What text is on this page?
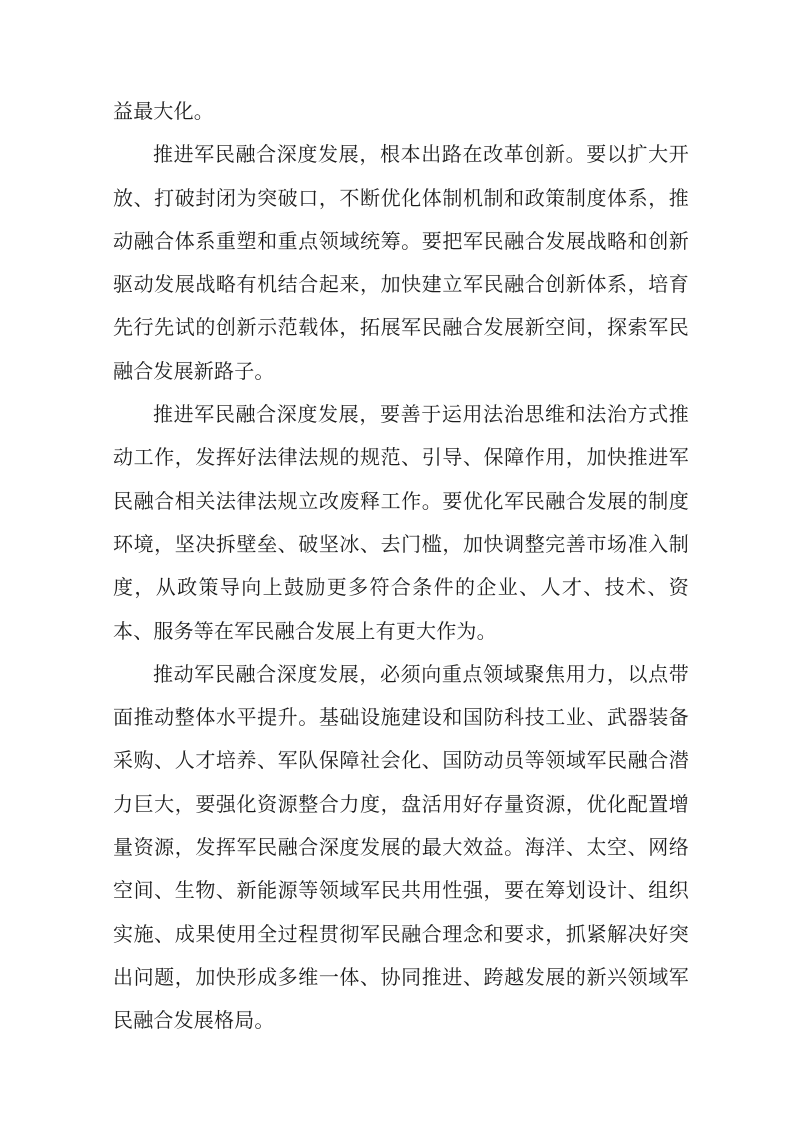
益最大化。

推进军民融合深度发展，根本出路在改革创新。要以扩大开放、打破封闭为突破口，不断优化体制机制和政策制度体系，推动融合体系重塑和重点领域统筹。要把军民融合发展战略和创新驱动发展战略有机结合起来，加快建立军民融合创新体系，培育先行先试的创新示范载体，拓展军民融合发展新空间，探索军民融合发展新路子。

推进军民融合深度发展，要善于运用法治思维和法治方式推动工作，发挥好法律法规的规范、引导、保障作用，加快推进军民融合相关法律法规立改废释工作。要优化军民融合发展的制度环境，坚决拆壁垒、破坚冰、去门槛，加快调整完善市场准入制度，从政策导向上鼓励更多符合条件的企业、人才、技术、资本、服务等在军民融合发展上有更大作为。

推动军民融合深度发展，必须向重点领域聚焦用力，以点带面推动整体水平提升。基础设施建设和国防科技工业、武器装备采购、人才培养、军队保障社会化、国防动员等领域军民融合潜力巨大，要强化资源整合力度，盘活用好存量资源，优化配置增量资源，发挥军民融合深度发展的最大效益。海洋、太空、网络空间、生物、新能源等领域军民共用性强，要在筹划设计、组织实施、成果使用全过程贯彻军民融合理念和要求，抓紧解决好突出问题，加快形成多维一体、协同推进、跨越发展的新兴领域军民融合发展格局。
